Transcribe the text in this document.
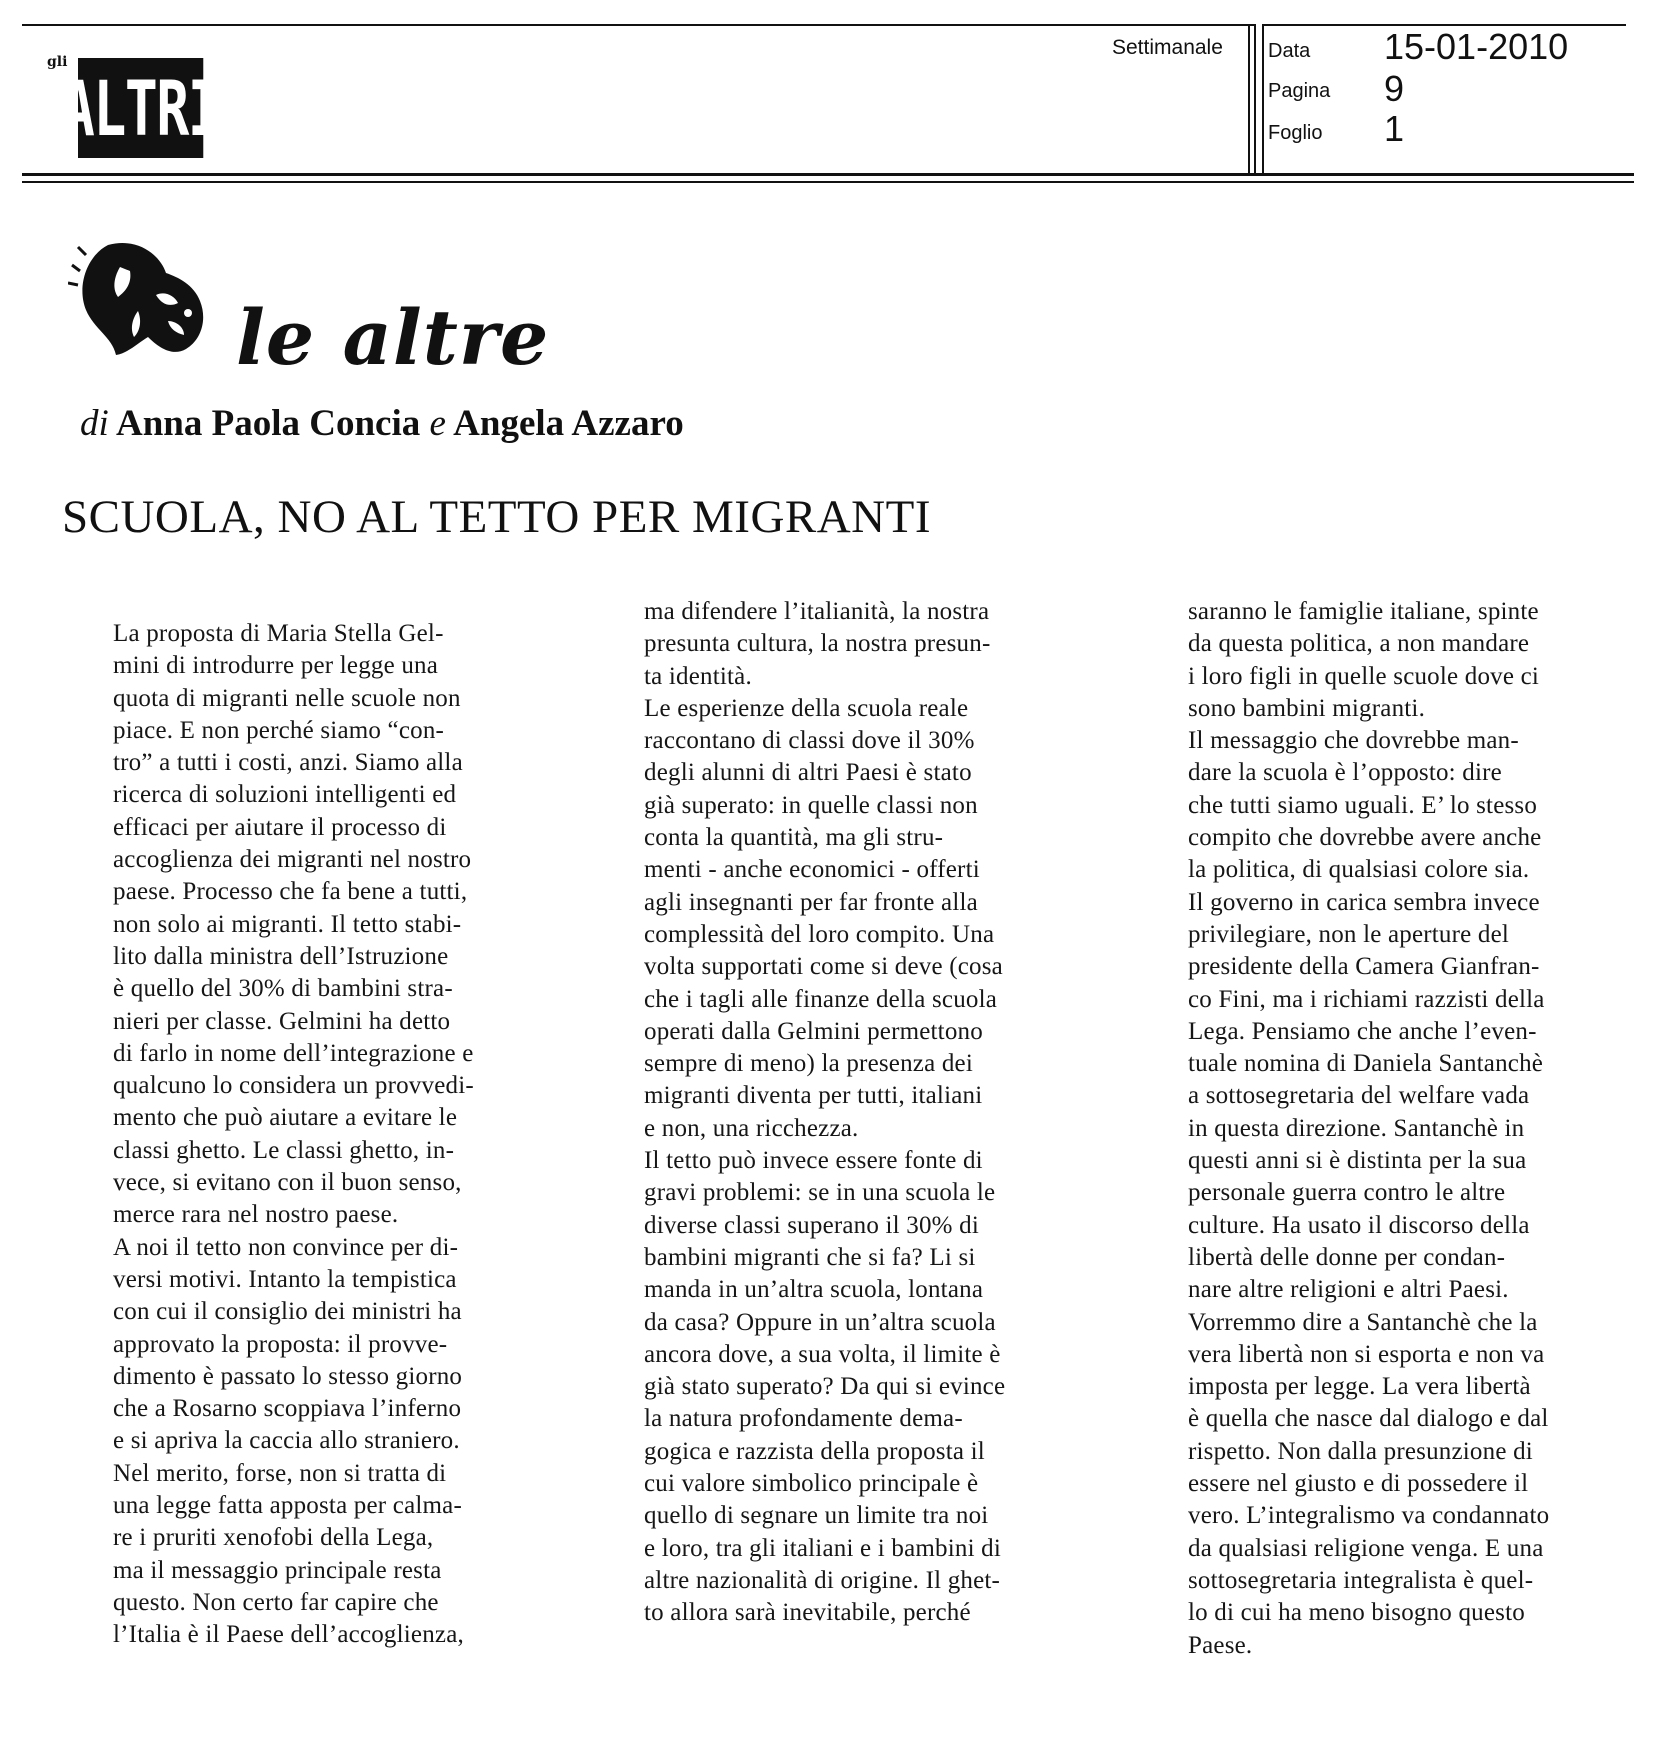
gli
ALTRI
Settimanale Data 15-01-2010
Pagina 9
Foglio 1
le altre
di Anna Paola Concia e Angela Azzaro
SCUOLA, NO AL TETTO PER MIGRANTI
La proposta di Maria Stella Gel-
mini di introdurre per legge una
quota di migranti nelle scuole non
piace. E non perché siamo “con-
tro” a tutti i costi, anzi. Siamo alla
ricerca di soluzioni intelligenti ed
efficaci per aiutare il processo di
accoglienza dei migranti nel nostro
paese. Processo che fa bene a tutti,
non solo ai migranti. Il tetto stabi-
lito dalla ministra dell’Istruzione
è quello del 30% di bambini stra-
nieri per classe. Gelmini ha detto
di farlo in nome dell’integrazione e
qualcuno lo considera un provvedi-
mento che può aiutare a evitare le
classi ghetto. Le classi ghetto, in-
vece, si evitano con il buon senso,
merce rara nel nostro paese.
A noi il tetto non convince per di-
versi motivi. Intanto la tempistica
con cui il consiglio dei ministri ha
approvato la proposta: il provve-
dimento è passato lo stesso giorno
che a Rosarno scoppiava l’inferno
e si apriva la caccia allo straniero.
Nel merito, forse, non si tratta di
una legge fatta apposta per calma-
re i pruriti xenofobi della Lega,
ma il messaggio principale resta
questo. Non certo far capire che
l’Italia è il Paese dell’accoglienza,
ma difendere l’italianità, la nostra
presunta cultura, la nostra presun-
ta identità.
Le esperienze della scuola reale
raccontano di classi dove il 30%
degli alunni di altri Paesi è stato
già superato: in quelle classi non
conta la quantità, ma gli stru-
menti - anche economici - offerti
agli insegnanti per far fronte alla
complessità del loro compito. Una
volta supportati come si deve (cosa
che i tagli alle finanze della scuola
operati dalla Gelmini permettono
sempre di meno) la presenza dei
migranti diventa per tutti, italiani
e non, una ricchezza.
Il tetto può invece essere fonte di
gravi problemi: se in una scuola le
diverse classi superano il 30% di
bambini migranti che si fa? Li si
manda in un’altra scuola, lontana
da casa? Oppure in un’altra scuola
ancora dove, a sua volta, il limite è
già stato superato? Da qui si evince
la natura profondamente dema-
gogica e razzista della proposta il
cui valore simbolico principale è
quello di segnare un limite tra noi
e loro, tra gli italiani e i bambini di
altre nazionalità di origine. Il ghet-
to allora sarà inevitabile, perché
saranno le famiglie italiane, spinte
da questa politica, a non mandare
i loro figli in quelle scuole dove ci
sono bambini migranti.
Il messaggio che dovrebbe man-
dare la scuola è l’opposto: dire
che tutti siamo uguali. E’ lo stesso
compito che dovrebbe avere anche
la politica, di qualsiasi colore sia.
Il governo in carica sembra invece
privilegiare, non le aperture del
presidente della Camera Gianfran-
co Fini, ma i richiami razzisti della
Lega. Pensiamo che anche l’even-
tuale nomina di Daniela Santanchè
a sottosegretaria del welfare vada
in questa direzione. Santanchè in
questi anni si è distinta per la sua
personale guerra contro le altre
culture. Ha usato il discorso della
libertà delle donne per condan-
nare altre religioni e altri Paesi.
Vorremmo dire a Santanchè che la
vera libertà non si esporta e non va
imposta per legge. La vera libertà
è quella che nasce dal dialogo e dal
rispetto. Non dalla presunzione di
essere nel giusto e di possedere il
vero. L’integralismo va condannato
da qualsiasi religione venga. E una
sottosegretaria integralista è quel-
lo di cui ha meno bisogno questo
Paese.
